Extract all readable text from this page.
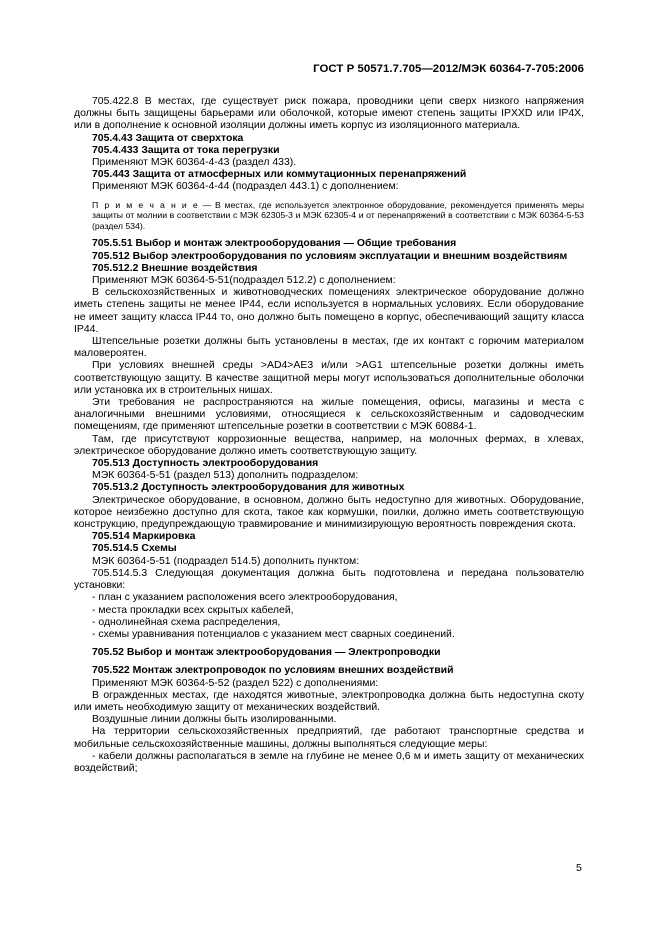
ГОСТ Р 50571.7.705—2012/МЭК 60364-7-705:2006
705.422.8 В местах, где существует риск пожара, проводники цепи сверх низкого напряжения должны быть защищены барьерами или оболочкой, которые имеют степень защиты IPXXD или IP4X, или в дополнение к основной изоляции должны иметь корпус из изоляционного материала.
705.4.43 Защита от сверхтока
705.4.433 Защита от тока перегрузки
Применяют МЭК 60364-4-43 (раздел 433).
705.443 Защита от атмосферных или коммутационных перенапряжений
Применяют МЭК 60364-4-44 (подраздел 443.1) с дополнением:
П р и м е ч а н и е — В местах, где используется электронное оборудование, рекомендуется применять меры защиты от молнии в соответствии с МЭК 62305-3 и МЭК 62305-4 и от перенапряжений в соответствии с МЭК 60364-5-53 (раздел 534).
705.5.51 Выбор и монтаж электрооборудования — Общие требования
705.512 Выбор электрооборудования по условиям эксплуатации и внешним воздействиям
705.512.2 Внешние воздействия
Применяют МЭК 60364-5-51(подраздел 512.2) с дополнением:
В сельскохозяйственных и животноводческих помещениях электрическое оборудование должно иметь степень защиты не менее IP44, если используется в нормальных условиях. Если оборудование не имеет защиту класса IP44 то, оно должно быть помещено в корпус, обеспечивающий защиту класса IP44.
Штепсельные розетки должны быть установлены в местах, где их контакт с горючим материалом маловероятен.
При условиях внешней среды >AD4>AE3 и/или >AG1 штепсельные розетки должны иметь соответствующую защиту. В качестве защитной меры могут использоваться дополнительные оболочки или установка их в строительных нишах.
Эти требования не распространяются на жилые помещения, офисы, магазины и места с аналогичными внешними условиями, относящиеся к сельскохозяйственным и садоводческим помещениям, где применяют штепсельные розетки в соответствии с МЭК 60884-1.
Там, где присутствуют коррозионные вещества, например, на молочных фермах, в хлевах, электрическое оборудование должно иметь соответствующую защиту.
705.513 Доступность электрооборудования
МЭК 60364-5-51 (раздел 513) дополнить подразделом:
705.513.2 Доступность электрооборудования для животных
Электрическое оборудование, в основном, должно быть недоступно для животных. Оборудование, которое неизбежно доступно для скота, такое как кормушки, поилки, должно иметь соответствующую конструкцию, предупреждающую травмирование и минимизирующую вероятность повреждения скота.
705.514 Маркировка
705.514.5 Схемы
МЭК 60364-5-51 (подраздел 514.5) дополнить пунктом:
705.514.5.3 Следующая документация должна быть подготовлена и передана пользователю установки:
- план с указанием расположения всего электрооборудования,
- места прокладки всех скрытых кабелей,
- однолинейная схема распределения,
- схемы уравнивания потенциалов с указанием мест сварных соединений.
705.52 Выбор и монтаж электрооборудования — Электропроводки
705.522 Монтаж электропроводок по условиям внешних воздействий
Применяют МЭК 60364-5-52 (раздел 522) с дополнениями:
В огражденных местах, где находятся животные, электропроводка должна быть недоступна скоту или иметь необходимую защиту от механических воздействий.
Воздушные линии должны быть изолированными.
На территории сельскохозяйственных предприятий, где работают транспортные средства и мобильные сельскохозяйственные машины, должны выполняться следующие меры:
- кабели должны располагаться в земле на глубине не менее 0,6 м и иметь защиту от механических воздействий;
5
